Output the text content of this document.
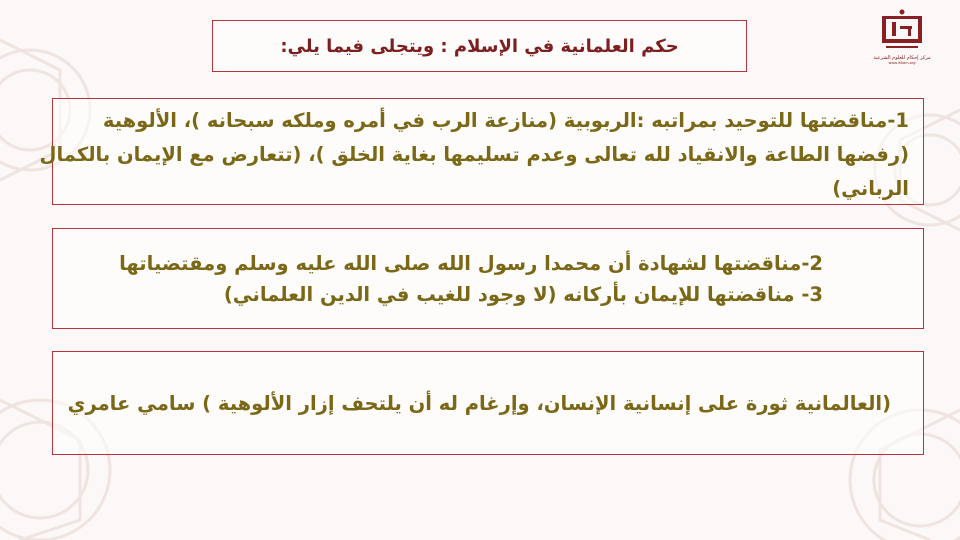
مركز إحكام للعلوم الشرعية
www.ihkam.org
حكم العلمانية في الإسلام : ويتجلى فيما يلي:
1-مناقضتها للتوحيد بمراتبه :الربوبية (منازعة الرب في أمره وملكه سبحانه )، الألوهية
(رفضها الطاعة والانقياد لله تعالى وعدم تسليمها بغاية الخلق )، (تتعارض مع الإيمان بالكمال
الرباني)
2-مناقضتها لشهادة أن محمدا رسول الله صلى الله عليه وسلم ومقتضياتها
3- مناقضتها للإيمان بأركانه (لا وجود للغيب في الدين العلماني)
(العالمانية ثورة على إنسانية الإنسان، وإرغام له أن يلتحف إزار الألوهية ) سامي عامري
